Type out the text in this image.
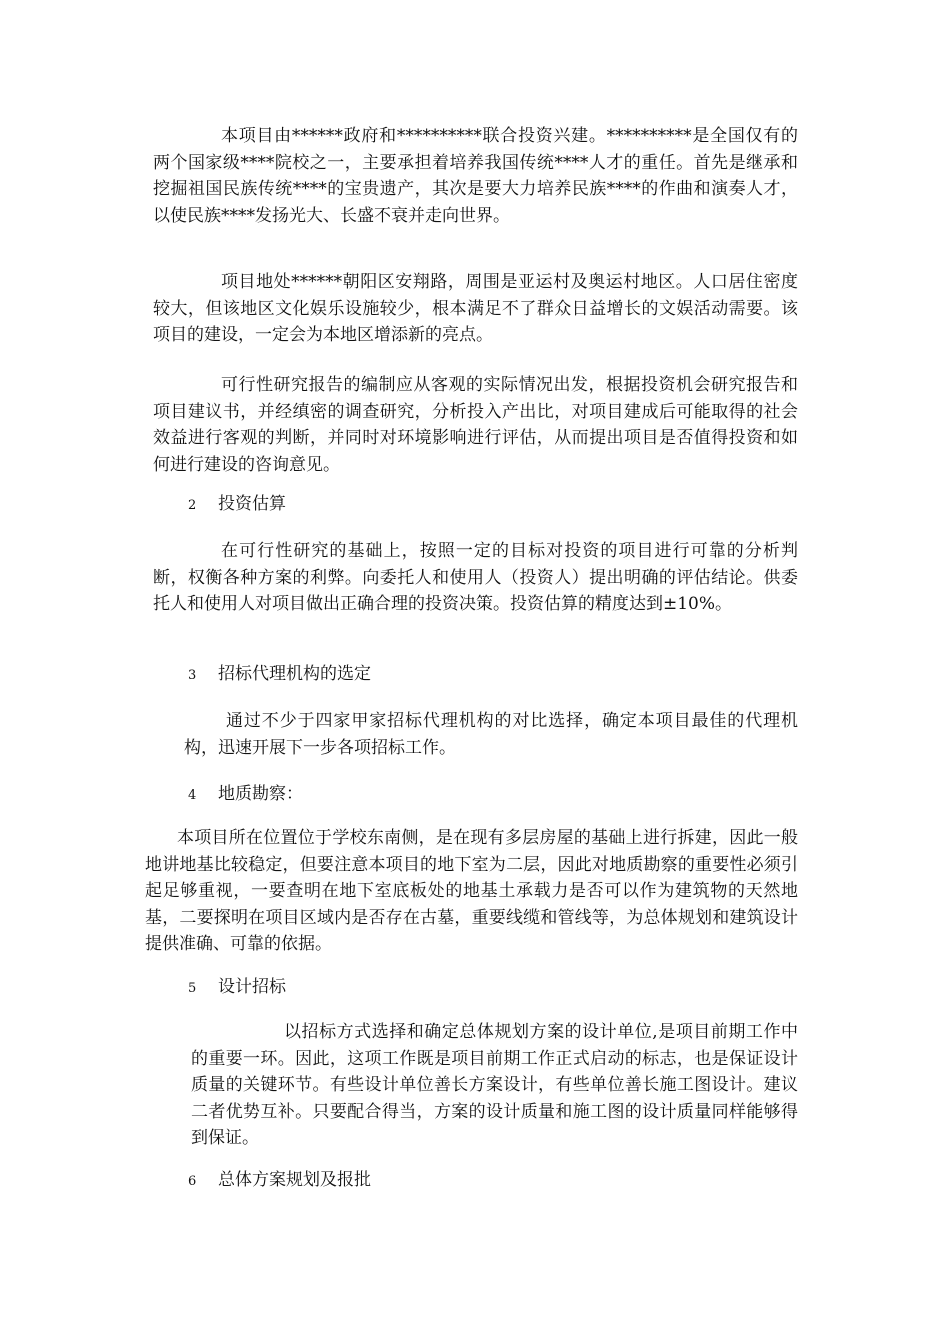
本项目由******政府和**********联合投资兴建。**********是全国仅有的两个国家级****院校之一，主要承担着培养我国传统****人才的重任。首先是继承和挖掘祖国民族传统****的宝贵遗产，其次是要大力培养民族****的作曲和演奏人才，以使民族****发扬光大、长盛不衰并走向世界。

项目地处******朝阳区安翔路，周围是亚运村及奥运村地区。人口居住密度较大，但该地区文化娱乐设施较少，根本满足不了群众日益增长的文娱活动需要。该项目的建设，一定会为本地区增添新的亮点。

可行性研究报告的编制应从客观的实际情况出发，根据投资机会研究报告和项目建议书，并经缜密的调查研究，分析投入产出比，对项目建成后可能取得的社会效益进行客观的判断，并同时对环境影响进行评估，从而提出项目是否值得投资和如何进行建设的咨询意见。

2 投资估算

在可行性研究的基础上，按照一定的目标对投资的项目进行可靠的分析判断，权衡各种方案的利弊。向委托人和使用人（投资人）提出明确的评估结论。供委托人和使用人对项目做出正确合理的投资决策。投资估算的精度达到±10%。

3 招标代理机构的选定

通过不少于四家甲家招标代理机构的对比选择，确定本项目最佳的代理机构，迅速开展下一步各项招标工作。

4 地质勘察：

本项目所在位置位于学校东南侧，是在现有多层房屋的基础上进行拆建，因此一般地讲地基比较稳定，但要注意本项目的地下室为二层，因此对地质勘察的重要性必须引起足够重视，一要查明在地下室底板处的地基土承载力是否可以作为建筑物的天然地基，二要探明在项目区域内是否存在古墓，重要线缆和管线等，为总体规划和建筑设计提供准确、可靠的依据。

5 设计招标

以招标方式选择和确定总体规划方案的设计单位,是项目前期工作中的重要一环。因此，这项工作既是项目前期工作正式启动的标志，也是保证设计质量的关键环节。有些设计单位善长方案设计，有些单位善长施工图设计。建议二者优势互补。只要配合得当，方案的设计质量和施工图的设计质量同样能够得到保证。

6 总体方案规划及报批
